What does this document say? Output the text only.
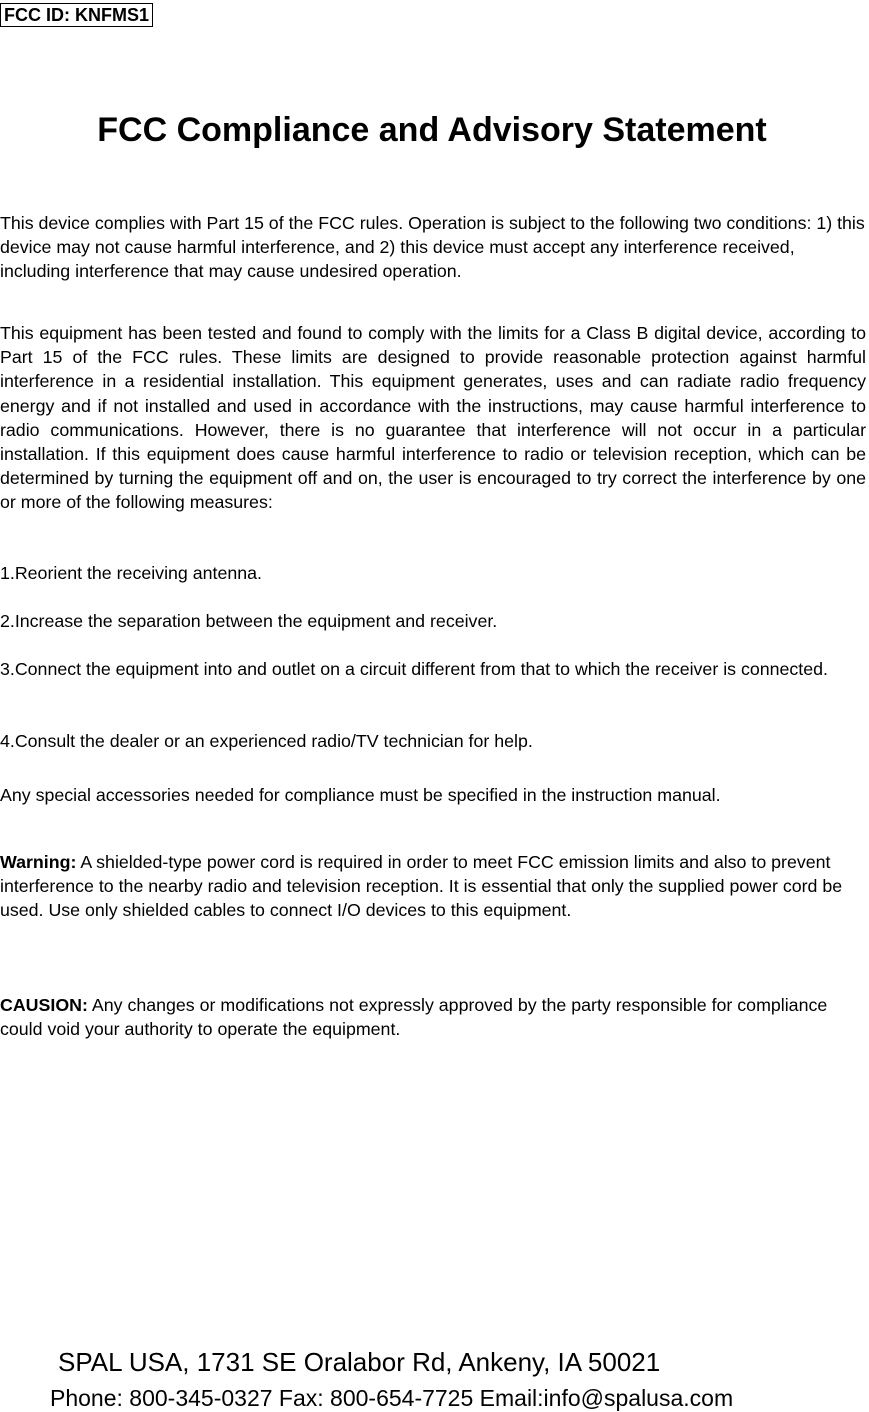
FCC ID: KNFMS1
FCC Compliance and Advisory Statement

This device complies with Part 15 of the FCC rules. Operation is subject to the following two conditions: 1) this device may not cause harmful interference, and 2) this device must accept any interference received, including interference that may cause undesired operation.

This equipment has been tested and found to comply with the limits for a Class B digital device, according to Part 15 of the FCC rules. These limits are designed to provide reasonable protection against harmful interference in a residential installation. This equipment generates, uses and can radiate radio frequency energy and if not installed and used in accordance with the instructions, may cause harmful interference to radio communications. However, there is no guarantee that interference will not occur in a particular installation. If this equipment does cause harmful interference to radio or television reception, which can be determined by turning the equipment off and on, the user is encouraged to try correct the interference by one or more of the following measures:

1.Reorient the receiving antenna.

2.Increase the separation between the equipment and receiver.

3.Connect the equipment into and outlet on a circuit different from that to which the receiver is connected.

4.Consult the dealer or an experienced radio/TV technician for help.

Any special accessories needed for compliance must be specified in the instruction manual.

Warning: A shielded-type power cord is required in order to meet FCC emission limits and also to prevent interference to the nearby radio and television reception. It is essential that only the supplied power cord be used. Use only shielded cables to connect I/O devices to this equipment.

CAUSION: Any changes or modifications not expressly approved by the party responsible for compliance could void your authority to operate the equipment.

SPAL USA, 1731 SE Oralabor Rd, Ankeny, IA 50021

Phone: 800-345-0327 Fax: 800-654-7725 Email:info@spalusa.com
